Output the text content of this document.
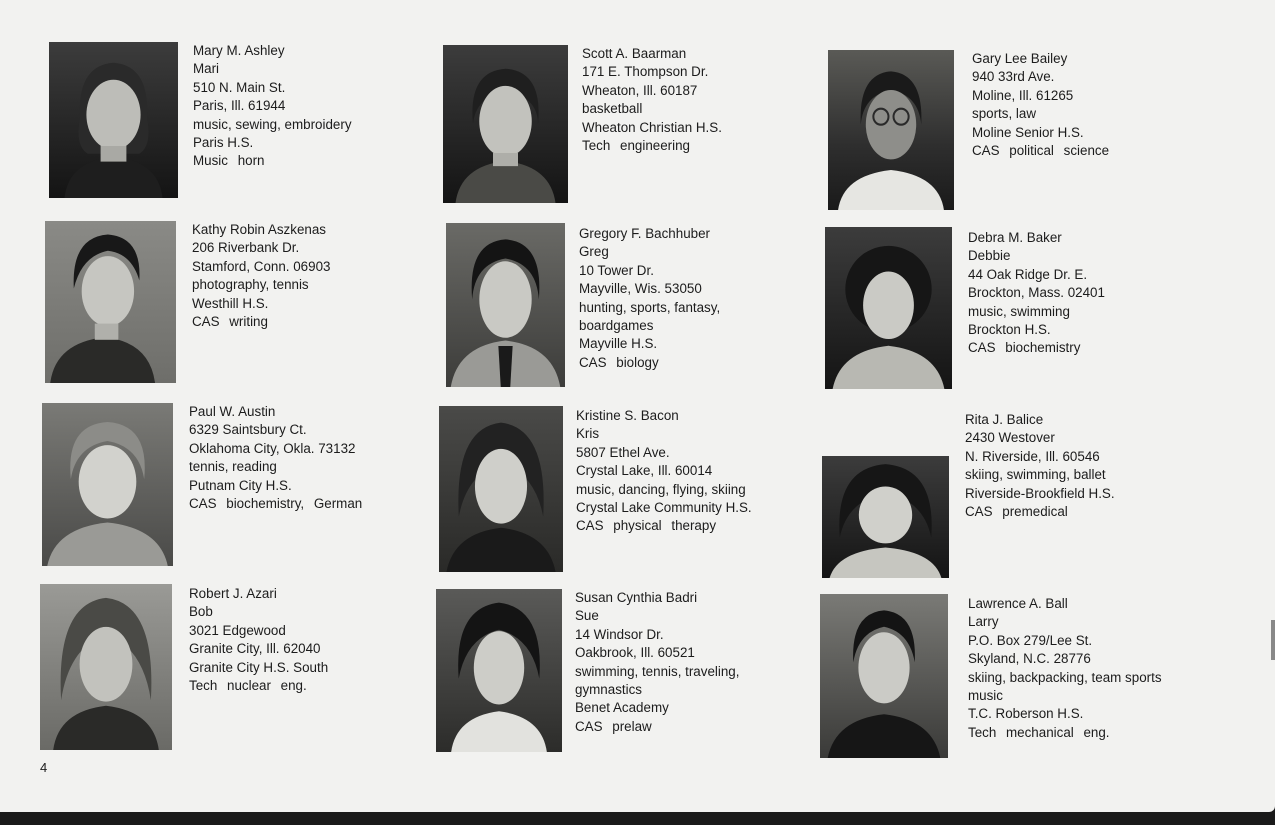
Mary M. Ashley
Mari
510 N. Main St.
Paris, Ill. 61944
music, sewing, embroidery
Paris H.S.
Music horn
Scott A. Baarman
171 E. Thompson Dr.
Wheaton, Ill. 60187
basketball
Wheaton Christian H.S.
Tech engineering
Gary Lee Bailey
940 33rd Ave.
Moline, Ill. 61265
sports, law
Moline Senior H.S.
CAS political science
Kathy Robin Aszkenas
206 Riverbank Dr.
Stamford, Conn. 06903
photography, tennis
Westhill H.S.
CAS writing
Gregory F. Bachhuber
Greg
10 Tower Dr.
Mayville, Wis. 53050
hunting, sports, fantasy,
boardgames
Mayville H.S.
CAS biology
Debra M. Baker
Debbie
44 Oak Ridge Dr. E.
Brockton, Mass. 02401
music, swimming
Brockton H.S.
CAS biochemistry
Paul W. Austin
6329 Saintsbury Ct.
Oklahoma City, Okla. 73132
tennis, reading
Putnam City H.S.
CAS biochemistry, German
Kristine S. Bacon
Kris
5807 Ethel Ave.
Crystal Lake, Ill. 60014
music, dancing, flying, skiing
Crystal Lake Community H.S.
CAS physical therapy
Rita J. Balice
2430 Westover
N. Riverside, Ill. 60546
skiing, swimming, ballet
Riverside-Brookfield H.S.
CAS premedical
Robert J. Azari
Bob
3021 Edgewood
Granite City, Ill. 62040
Granite City H.S. South
Tech nuclear eng.
Susan Cynthia Badri
Sue
14 Windsor Dr.
Oakbrook, Ill. 60521
swimming, tennis, traveling,
gymnastics
Benet Academy
CAS prelaw
Lawrence A. Ball
Larry
P.O. Box 279/Lee St.
Skyland, N.C. 28776
skiing, backpacking, team sports
music
T.C. Roberson H.S.
Tech mechanical eng.
4
